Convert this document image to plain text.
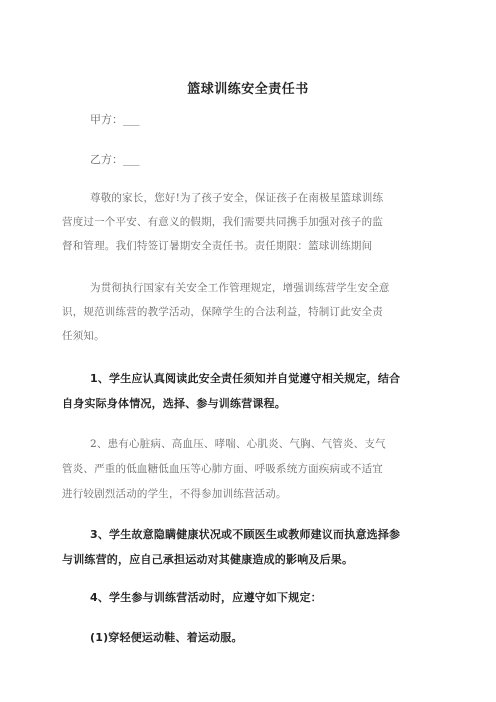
篮球训练安全责任书
甲方：___
乙方：___
尊敬的家长，您好!为了孩子安全，保证孩子在南极星篮球训练
营度过一个平安、有意义的假期，我们需要共同携手加强对孩子的监
督和管理。我们特签订暑期安全责任书。责任期限：篮球训练期间
为贯彻执行国家有关安全工作管理规定，增强训练营学生安全意
识，规范训练营的教学活动，保障学生的合法利益，特制订此安全责
任须知。
1、学生应认真阅读此安全责任须知并自觉遵守相关规定，结合
自身实际身体情况，选择、参与训练营课程。
2、患有心脏病、高血压、哮喘、心肌炎、气胸、气管炎、支气
管炎、严重的低血糖低血压等心肺方面、呼吸系统方面疾病或不适宜
进行较剧烈活动的学生，不得参加训练营活动。
3、学生故意隐瞒健康状况或不顾医生或教师建议而执意选择参
与训练营的，应自己承担运动对其健康造成的影响及后果。
4、学生参与训练营活动时，应遵守如下规定：
(1)穿轻便运动鞋、着运动服。
